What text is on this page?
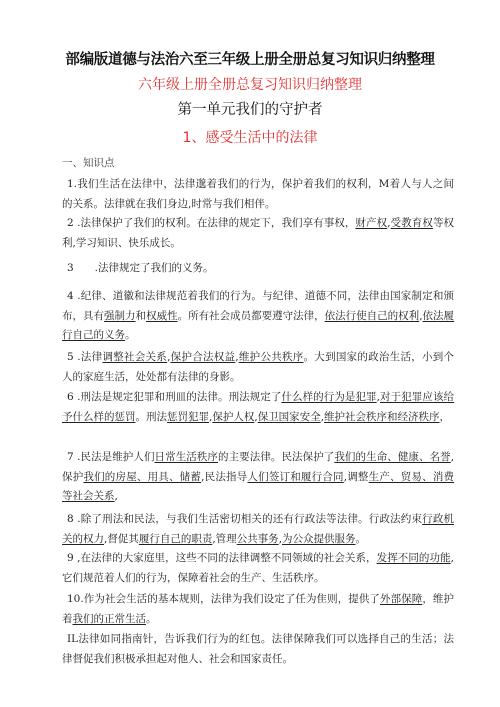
部编版道德与法治六至三年级上册全册总复习知识归纳整理
六年级上册全册总复习知识归纳整理
第一单元我们的守护者
1、感受生活中的法律
一、知识点
1.我们生活在法律中，法律邈着我们的行为，保护着我们的权利，M着人与人之间的关系。法律就在我们身边,时常与我们相伴。
2 .法律保护了我们的权利。在法律的规定下，我们享有事权，财产权,受教育权等权利,学习知识、快乐成长。
3　　.法律规定了我们的义务。
4 .纪律、道徽和法律规范着我们的行为。与纪律、道德不同，法律由国家制定和颁布，具有强制力和权威性。所有社会成员都要遵守法律，依法行使自己的权利,依法履行自己的义务。
5 .法律调整社会关系,保护合法权益,维护公共秩序。大到国家的政治生活，小到个人的家庭生活，处处都有法律的身影。
6 .刑法是规定犯罪和刑皿的法律。刑法规定了什么样的行为是犯罪,对于犯罪应该给予什么样的惩罚。刑法惩罚犯罪,保护人权,保卫国家安全,维护社会秩序和经济秩序，
7 .民法是维护人们日常生活秩序的主要法律。民法保护了我们的生命、健康、名誉,保护我们的房屋、用具、储蓄,民法指导人们签订和履行合同,调整生产、贸易、消费等社会关系,
8 .除了刑法和民法，与我们生活密切相关的还有行政法等法律。行政法约束行政机关的权力,督促其履行自己的职责,管理公共事务,为公众提供服务。
9 ,在法律的大家庭里，这些不同的法律调整不同领域的社会关系，发挥不同的功能,它们规范着人们的行为，保障着社会的生产、生活秩序。
10.作为社会生活的基本规则，法律为我们设定了任为隹则，提供了外部保障，维护着我们的正常生活。
IL法律如同指南针，告诉我们行为的红包。法律保障我们可以选择自己的生活；法律督促我们积极承担起对他人、社会和国家责任。
